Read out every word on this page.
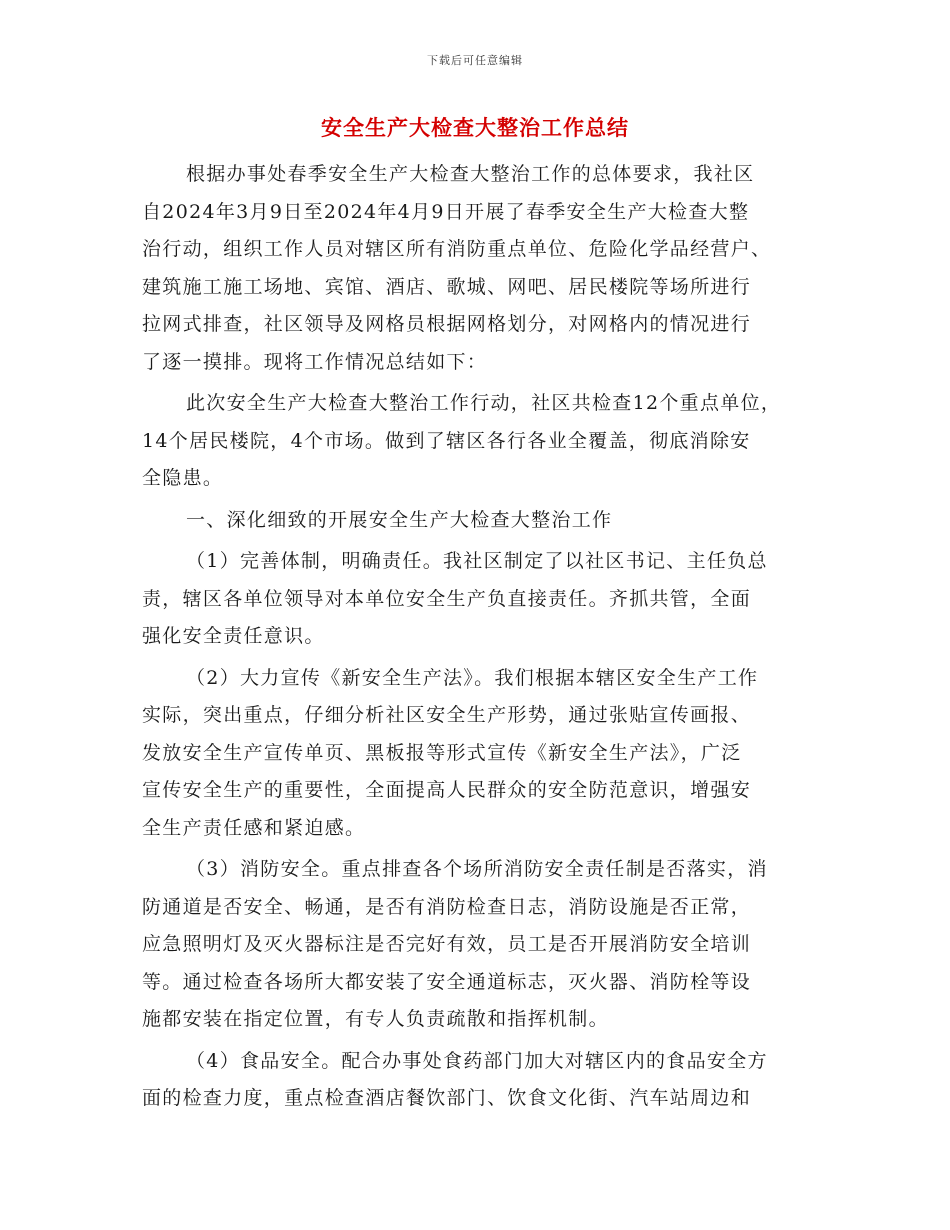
下载后可任意编辑
安全生产大检查大整治工作总结

根据办事处春季安全生产大检查大整治工作的总体要求，我社区
自2024年3月9日至2024年4月9日开展了春季安全生产大检查大整
治行动，组织工作人员对辖区所有消防重点单位、危险化学品经营户、
建筑施工施工场地、宾馆、酒店、歌城、网吧、居民楼院等场所进行
拉网式排查，社区领导及网格员根据网格划分，对网格内的情况进行
了逐一摸排。现将工作情况总结如下：

此次安全生产大检查大整治工作行动，社区共检查12个重点单位，
14个居民楼院，4个市场。做到了辖区各行各业全覆盖，彻底消除安
全隐患。

一、深化细致的开展安全生产大检查大整治工作

（1）完善体制，明确责任。我社区制定了以社区书记、主任负总
责，辖区各单位领导对本单位安全生产负直接责任。齐抓共管，全面
强化安全责任意识。

（2）大力宣传《新安全生产法》。我们根据本辖区安全生产工作
实际，突出重点，仔细分析社区安全生产形势，通过张贴宣传画报、
发放安全生产宣传单页、黑板报等形式宣传《新安全生产法》，广泛
宣传安全生产的重要性，全面提高人民群众的安全防范意识，增强安
全生产责任感和紧迫感。

（3）消防安全。重点排查各个场所消防安全责任制是否落实，消
防通道是否安全、畅通，是否有消防检查日志，消防设施是否正常，
应急照明灯及灭火器标注是否完好有效，员工是否开展消防安全培训
等。通过检查各场所大都安装了安全通道标志，灭火器、消防栓等设
施都安装在指定位置，有专人负责疏散和指挥机制。

（4）食品安全。配合办事处食药部门加大对辖区内的食品安全方
面的检查力度，重点检查酒店餐饮部门、饮食文化街、汽车站周边和
